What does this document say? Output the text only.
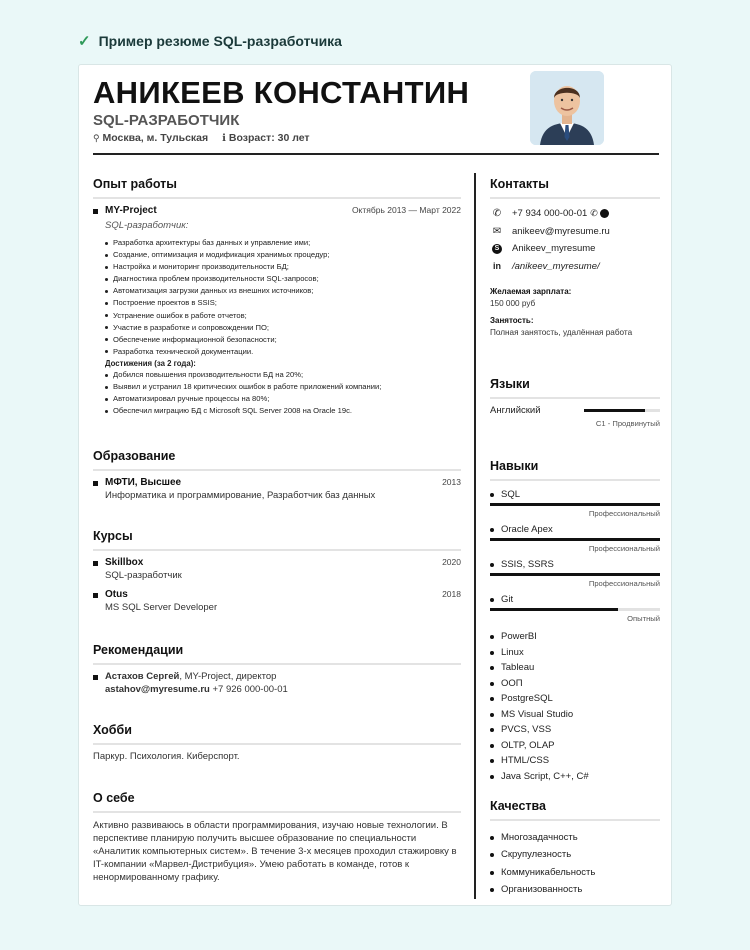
✓ Пример резюме SQL-разработчика
АНИКЕЕВ КОНСТАНТИН
SQL-РАЗРАБОТЧИК
⚲ Москва, м. Тульская ℹ Возраст: 30 лет
Опыт работы
MY-Project	Октябрь 2013 — Март 2022
SQL-разработчик:
Разработка архитектуры баз данных и управление ими;
Создание, оптимизация и модификация хранимых процедур;
Настройка и мониторинг производительности БД;
Диагностика проблем производительности SQL-запросов;
Автоматизация загрузки данных из внешних источников;
Построение проектов в SSIS;
Устранение ошибок в работе отчетов;
Участие в разработке и сопровождении ПО;
Обеспечение информационной безопасности;
Разработка технической документации.
Достижения (за 2 года):
Добился повышения производительности БД на 20%;
Выявил и устранил 18 критических ошибок в работе приложений компании;
Автоматизировал ручные процессы на 80%;
Обеспечил миграцию БД с Microsoft SQL Server 2008 на Oracle 19c.
Образование
МФТИ, Высшее	2013
Информатика и программирование, Разработчик баз данных
Курсы
Skillbox	2020
SQL-разработчик
Otus	2018
MS SQL Server Developer
Рекомендации
Астахов Сергей, MY-Project, директор
astahov@myresume.ru +7 926 000-00-01
Хобби
Паркур. Психология. Киберспорт.
О себе
Активно развиваюсь в области программирования, изучаю новые технологии. В перспективе планирую получить высшее образование по специальности «Аналитик компьютерных систем». В течение 3-х месяцев проходил стажировку в IT-компании «Марвел-Дистрибуция». Умею работать в команде, готов к ненормированному графику.
Контакты
✆ +7 934 000-00-01 ✆
✉ anikeev@myresume.ru
S Anikeev_myresume
in	/anikeev_myresume/
Желаемая зарплата:
150 000 руб
Занятость:
Полная занятость, удалённая работа
Языки
Английский
C1 - Продвинутый
Навыки
SQL
Профессиональный
Oracle Apex
Профессиональный
SSIS, SSRS
Профессиональный
Git
Опытный
PowerBI
Linux
Tableau
ООП
PostgreSQL
MS Visual Studio
PVCS, VSS
OLTP, OLAP
HTML/CSS
Java Script, C++, C#
Качества
Многозадачность
Скрупулезность
Коммуникабельность
Организованность
